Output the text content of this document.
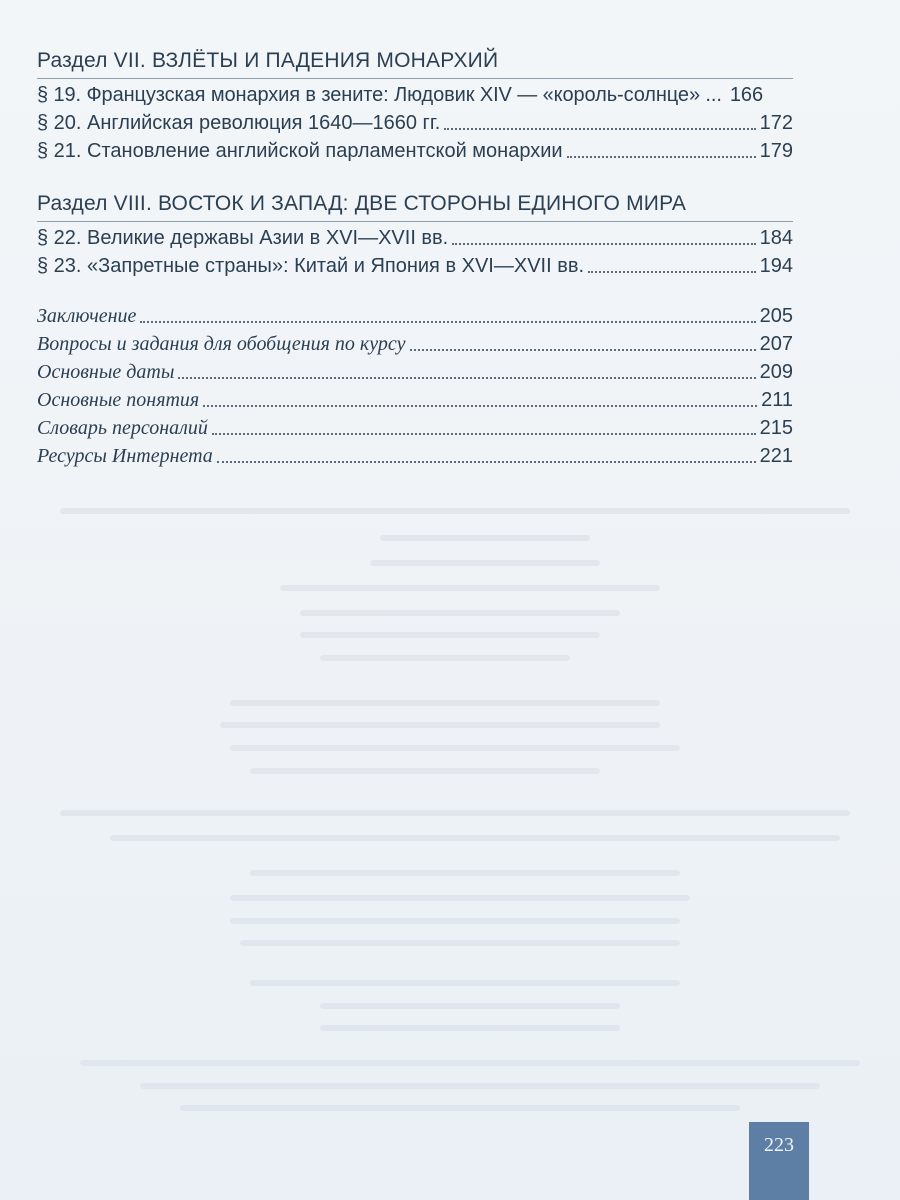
Раздел VII. ВЗЛЁТЫ И ПАДЕНИЯ МОНАРХИЙ
§ 19. Французская монархия в зените: Людовик XIV — «король-солнце» ... 166
§ 20. Английская революция 1640—1660 гг.	172
§ 21. Становление английской парламентской монархии	179
Раздел VIII. ВОСТОК И ЗАПАД: ДВЕ СТОРОНЫ ЕДИНОГО МИРА
§ 22. Великие державы Азии в XVI—XVII вв.	184
§ 23. «Запретные страны»: Китай и Япония в XVI—XVII вв.	194
Заключение	205
Вопросы и задания для обобщения по курсу	207
Основные даты	209
Основные понятия	211
Словарь персоналий	215
Ресурсы Интернета	221
223
